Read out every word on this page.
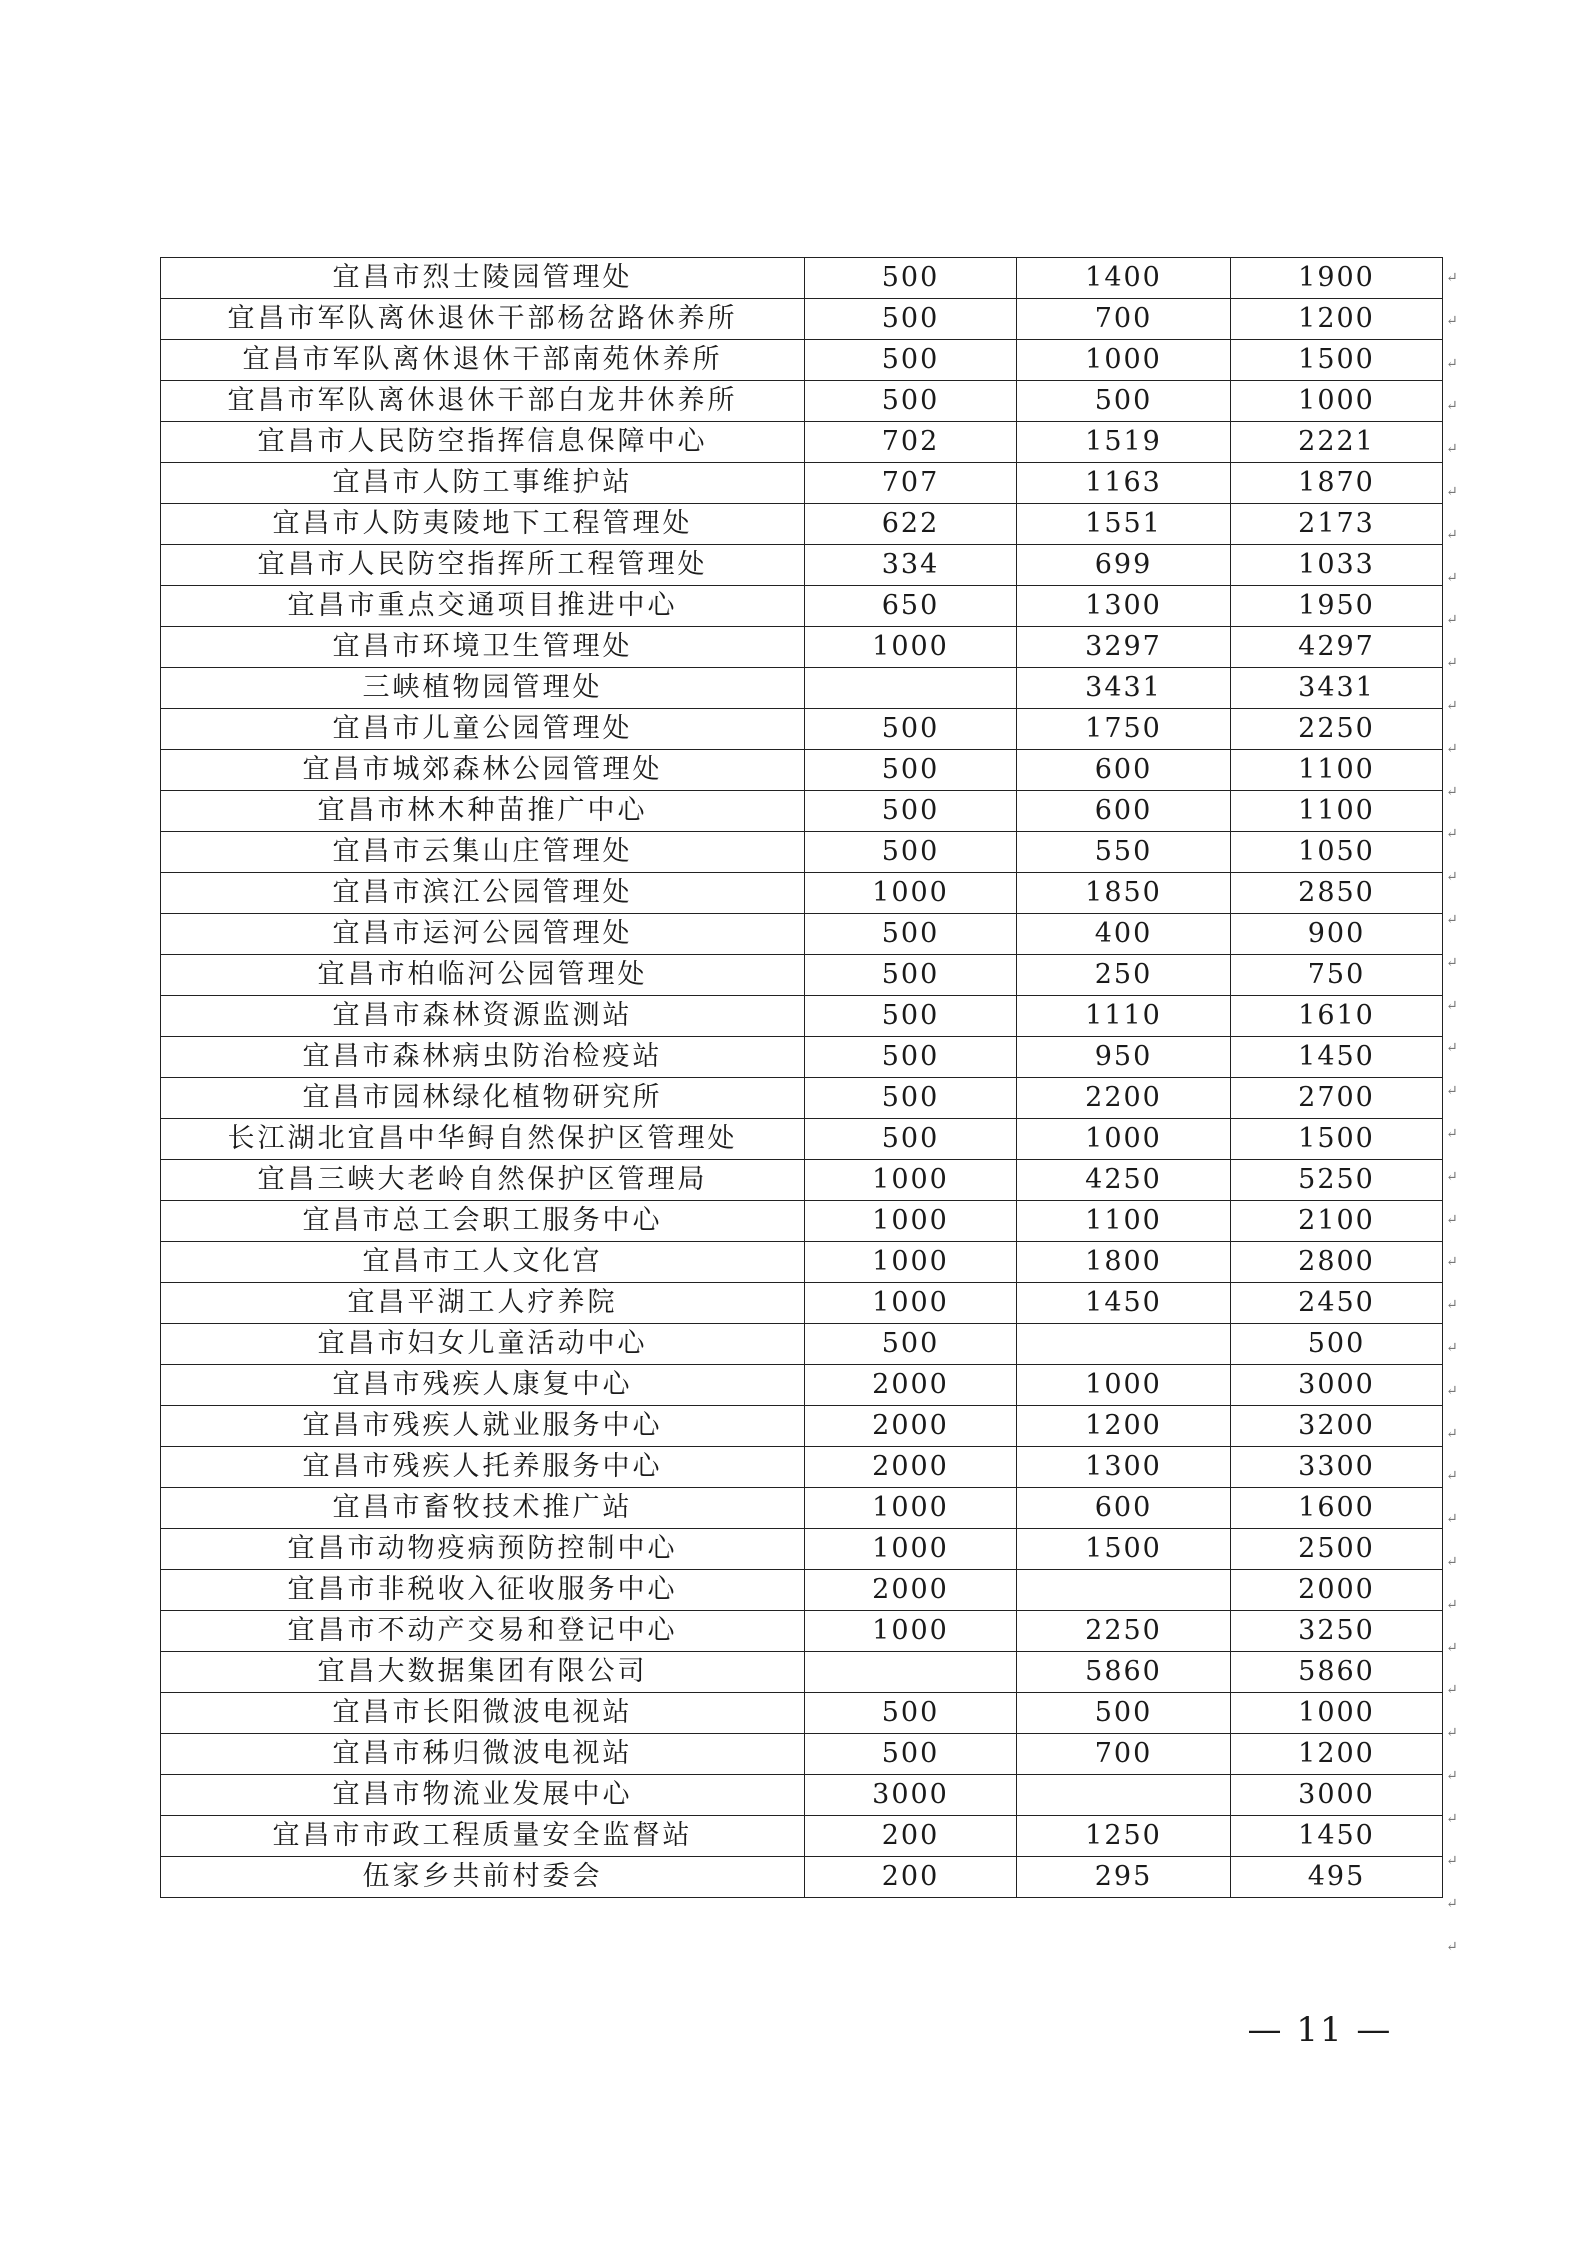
宜昌市烈士陵园管理处	500	1400	1900
宜昌市军队离休退休干部杨岔路休养所	500	700	1200
宜昌市军队离休退休干部南苑休养所	500	1000	1500
宜昌市军队离休退休干部白龙井休养所	500	500	1000
宜昌市人民防空指挥信息保障中心	702	1519	2221
宜昌市人防工事维护站	707	1163	1870
宜昌市人防夷陵地下工程管理处	622	1551	2173
宜昌市人民防空指挥所工程管理处	334	699	1033
宜昌市重点交通项目推进中心	650	1300	1950
宜昌市环境卫生管理处	1000	3297	4297
三峡植物园管理处		3431	3431
宜昌市儿童公园管理处	500	1750	2250
宜昌市城郊森林公园管理处	500	600	1100
宜昌市林木种苗推广中心	500	600	1100
宜昌市云集山庄管理处	500	550	1050
宜昌市滨江公园管理处	1000	1850	2850
宜昌市运河公园管理处	500	400	900
宜昌市柏临河公园管理处	500	250	750
宜昌市森林资源监测站	500	1110	1610
宜昌市森林病虫防治检疫站	500	950	1450
宜昌市园林绿化植物研究所	500	2200	2700
长江湖北宜昌中华鲟自然保护区管理处	500	1000	1500
宜昌三峡大老岭自然保护区管理局	1000	4250	5250
宜昌市总工会职工服务中心	1000	1100	2100
宜昌市工人文化宫	1000	1800	2800
宜昌平湖工人疗养院	1000	1450	2450
宜昌市妇女儿童活动中心	500		500
宜昌市残疾人康复中心	2000	1000	3000
宜昌市残疾人就业服务中心	2000	1200	3200
宜昌市残疾人托养服务中心	2000	1300	3300
宜昌市畜牧技术推广站	1000	600	1600
宜昌市动物疫病预防控制中心	1000	1500	2500
宜昌市非税收入征收服务中心	2000		2000
宜昌市不动产交易和登记中心	1000	2250	3250
宜昌大数据集团有限公司		5860	5860
宜昌市长阳微波电视站	500	500	1000
宜昌市秭归微波电视站	500	700	1200
宜昌市物流业发展中心	3000		3000
宜昌市市政工程质量安全监督站	200	1250	1450
伍家乡共前村委会	200	295	495
↵
↵
↵
↵
↵
↵
↵
↵
↵
↵
↵
↵
↵
↵
↵
↵
↵
↵
↵
↵
↵
↵
↵
↵
↵
↵
↵
↵
↵
↵
↵
↵
↵
↵
↵
↵
↵
↵
↵
↵
— 11 —
